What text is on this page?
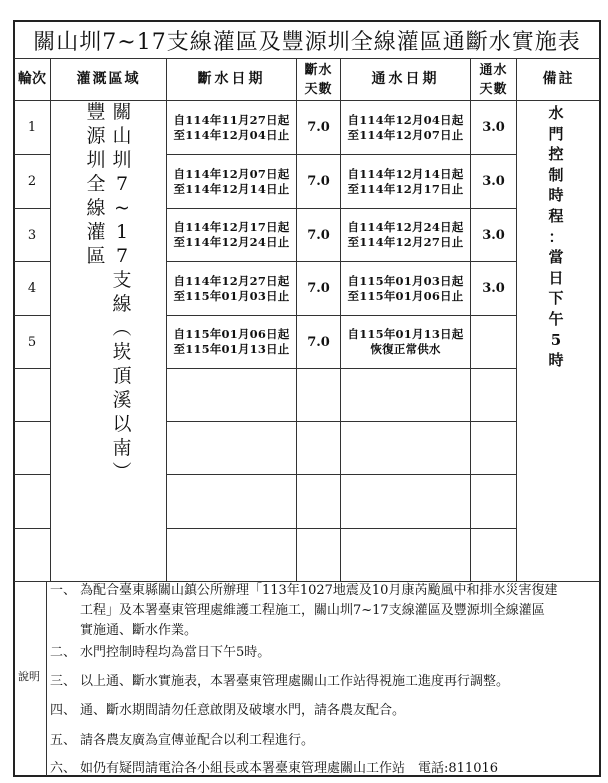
關山圳7~17支線灌區及豐源圳全線灌區通斷水實施表
輪次	灌溉區域	斷水日期
斷水
天數
通水日期
通水
天數
備註
豐
源
圳
全
線
灌
區
關
山
圳
7
~
1
7
支
線
︵
崁
頂
溪
以
南
︶
水
門
控
制
時
程
：
當
日
下
午
5
時
1
自114年11月27日起
至114年12月04日止 7.0
自114年12月04日起
至114年12月07日止 3.0
2
自114年12月07日起
至114年12月14日止 7.0
自114年12月14日起
至114年12月17日止 3.0
3
自114年12月17日起
至114年12月24日止 7.0
自114年12月24日起
至114年12月27日止 3.0
4
自114年12月27日起
至115年01月03日止 7.0
自115年01月03日起
至115年01月06日止 3.0
5
自115年01月06日起
至115年01月13日止 7.0
自115年01月13日起
恢復正常供水
說明
一、 為配合臺東縣關山鎮公所辦理「113年1027地震及10月康芮颱風中和排水災害復建
工程」及本署臺東管理處維護工程施工，關山圳7~17支線灌區及豐源圳全線灌區
實施通、斷水作業。
二、 水門控制時程均為當日下午5時。
三、 以上通、斷水實施表，本署臺東管理處關山工作站得視施工進度再行調整。
四、 通、斷水期間請勿任意啟閉及破壞水門，請各農友配合。
五、 請各農友廣為宣傳並配合以利工程進行。
六、 如仍有疑問請電洽各小組長或本署臺東管理處關山工作站　電話:811016
